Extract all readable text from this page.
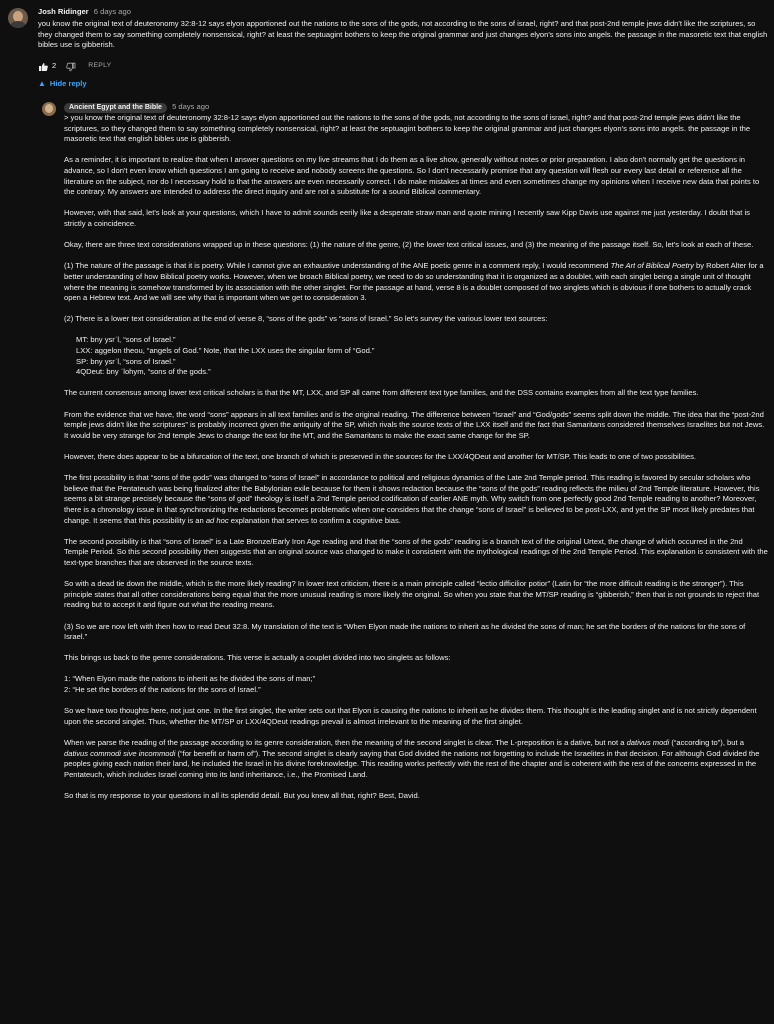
Josh Ridinger 6 days ago
you know the original text of deuteronomy 32:8-12 says elyon apportioned out the nations to the sons of the gods, not according to the sons of israel, right? and that post-2nd temple jews didn't like the scriptures, so they changed them to say something completely nonsensical, right? at least the septuagint bothers to keep the original grammar and just changes elyon's sons into angels. the passage in the masoretic text that english bibles use is gibberish.
2	REPLY
▲ Hide reply
Ancient Egypt and the Bible 5 days ago

> you know the original text of deuteronomy 32:8-12 says elyon apportioned out the nations to the sons of the gods, not according to the sons of israel, right? and that post-2nd temple jews didn't like the scriptures, so they changed them to say something completely nonsensical, right? at least the septuagint bothers to keep the original grammar and just changes elyon's sons into angels. the passage in the masoretic text that english bibles use is gibberish.

As a reminder, it is important to realize that when I answer questions on my live streams that I do them as a live show, generally without notes or prior preparation. I also don't normally get the questions in advance, so I don't even know which questions I am going to receive and nobody screens the questions. So I don't necessarily promise that any question will flesh our every last detail or reference all the literature on the subject, nor do I necessary hold to that the answers are even necessarily correct. I do make mistakes at times and even sometimes change my opinions when I receive new data that points to the contrary. My answers are intended to address the direct inquiry and are not a substitute for a sound Biblical commentary.

However, with that said, let's look at your questions, which I have to admit sounds eerily like a desperate straw man and quote mining I recently saw Kipp Davis use against me just yesterday. I doubt that is strictly a coincidence.

Okay, there are three text considerations wrapped up in these questions: (1) the nature of the genre, (2) the lower text critical issues, and (3) the meaning of the passage itself. So, let's look at each of these.

(1) The nature of the passage is that it is poetry. While I cannot give an exhaustive understanding of the ANE poetic genre in a comment reply, I would recommend The Art of Biblical Poetry by Robert Alter for a better understanding of how Biblical poetry works. However, when we broach Biblical poetry, we need to do so understanding that it is organized as a doublet, with each singlet being a single unit of thought where the meaning is somehow transformed by its association with the other singlet. For the passage at hand, verse 8 is a doublet composed of two singlets which is obvious if one bothers to actually crack open a Hebrew text. And we will see why that is important when we get to consideration 3.

(2) There is a lower text consideration at the end of verse 8, “sons of the gods” vs “sons of Israel.” So let's survey the various lower text sources:

MT: bny ysrʿl, “sons of Israel.”
LXX: aggelon theou, “angels of God.” Note, that the LXX uses the singular form of “God.”
SP: bny ysrʿl, “sons of Israel.”
4QDeut: bny ʿlohym, “sons of the gods.”

The current consensus among lower text critical scholars is that the MT, LXX, and SP all came from different text type families, and the DSS contains examples from all the text type families.

From the evidence that we have, the word “sons” appears in all text families and is the original reading. The difference between “Israel” and “God/gods” seems split down the middle. The idea that the “post-2nd temple jews didn't like the scriptures” is probably incorrect given the antiquity of the SP, which rivals the source texts of the LXX itself and the fact that Samaritans considered themselves Israelites but not Jews. It would be very strange for 2nd temple Jews to change the text for the MT, and the Samaritans to make the exact same change for the SP.

However, there does appear to be a bifurcation of the text, one branch of which is preserved in the sources for the LXX/4QDeut and another for MT/SP. This leads to one of two possibilities.

The first possibility is that “sons of the gods” was changed to “sons of Israel” in accordance to political and religious dynamics of the Late 2nd Temple period. This reading is favored by secular scholars who believe that the Pentateuch was being finalized after the Babylonian exile because for them it shows redaction because the “sons of the gods” reading reflects the milieu of 2nd Temple literature. However, this seems a bit strange precisely because the “sons of god” theology is itself a 2nd Temple period codification of earlier ANE myth. Why switch from one perfectly good 2nd Temple reading to another? Moreover, there is a chronology issue in that synchronizing the redactions becomes problematic when one considers that the change “sons of Israel” is believed to be post-LXX, and yet the SP most likely predates that change. It seems that this possibility is an ad hoc explanation that serves to confirm a cognitive bias.

The second possibility is that “sons of Israel” is a Late Bronze/Early Iron Age reading and that the “sons of the gods” reading is a branch text of the original Urtext, the change of which occurred in the 2nd Temple Period. So this second possibility then suggests that an original source was changed to make it consistent with the mythological readings of the 2nd Temple Period. This explanation is consistent with the text-type branches that are observed in the source texts.

So with a dead tie down the middle, which is the more likely reading? In lower text criticism, there is a main principle called “lectio difficilior potior” (Latin for “the more difficult reading is the stronger”). This principle states that all other considerations being equal that the more unusual reading is more likely the original. So when you state that the MT/SP reading is “gibberish,” then that is not grounds to reject that reading but to accept it and figure out what the reading means.

(3) So we are now left with then how to read Deut 32:8. My translation of the text is “When Elyon made the nations to inherit as he divided the sons of man; he set the borders of the nations for the sons of Israel.”

This brings us back to the genre considerations. This verse is actually a couplet divided into two singlets as follows:

1: “When Elyon made the nations to inherit as he divided the sons of man;”

2: “He set the borders of the nations for the sons of Israel.”

So we have two thoughts here, not just one. In the first singlet, the writer sets out that Elyon is causing the nations to inherit as he divides them. This thought is the leading singlet and is not strictly dependent upon the second singlet. Thus, whether the MT/SP or LXX/4QDeut readings prevail is almost irrelevant to the meaning of the first singlet.

When we parse the reading of the passage according to its genre consideration, then the meaning of the second singlet is clear. The L-preposition is a dative, but not a dativus modi (“according to”), but a dativus commodi sive incommodi (“for benefit or harm of”). The second singlet is clearly saying that God divided the nations not forgetting to include the Israelites in that decision. For although God divided the peoples giving each nation their land, he included the Israel in his divine foreknowledge. This reading works perfectly with the rest of the chapter and is coherent with the rest of the concerns expressed in the Pentateuch, which includes Israel coming into its land inheritance, i.e., the Promised Land.

So that is my response to your questions in all its splendid detail. But you knew all that, right? Best, David.
